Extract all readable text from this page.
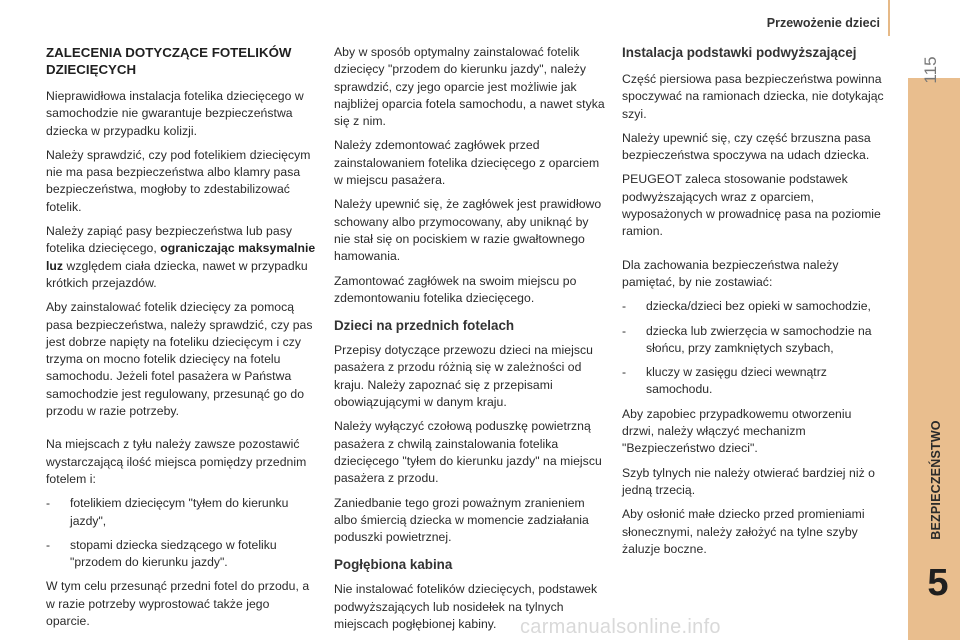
Przewożenie dzieci
115
BEZPIECZEŃSTWO
5
ZALECENIA DOTYCZĄCE FOTELIKÓW DZIECIĘCYCH

Nieprawidłowa instalacja fotelika dziecięcego w samochodzie nie gwarantuje bezpieczeństwa dziecka w przypadku kolizji.

Należy sprawdzić, czy pod fotelikiem dziecięcym nie ma pasa bezpieczeństwa albo klamry pasa bezpieczeństwa, mogłoby to zdestabilizować fotelik.

Należy zapiąć pasy bezpieczeństwa lub pasy fotelika dziecięcego, ograniczając maksymalnie luz względem ciała dziecka, nawet w przypadku krótkich przejazdów.

Aby zainstalować fotelik dziecięcy za pomocą pasa bezpieczeństwa, należy sprawdzić, czy pas jest dobrze napięty na foteliku dziecięcym i czy trzyma on mocno fotelik dziecięcy na fotelu samochodu. Jeżeli fotel pasażera w Państwa samochodzie jest regulowany, przesunąć go do przodu w razie potrzeby.

Na miejscach z tyłu należy zawsze pozostawić wystarczającą ilość miejsca pomiędzy przednim fotelem i:

- fotelikiem dziecięcym "tyłem do kierunku jazdy",
- stopami dziecka siedzącego w foteliku "przodem do kierunku jazdy".

W tym celu przesunąć przedni fotel do przodu, a w razie potrzeby wyprostować także jego oparcie.

Aby w sposób optymalny zainstalować fotelik dziecięcy "przodem do kierunku jazdy", należy sprawdzić, czy jego oparcie jest możliwie jak najbliżej oparcia fotela samochodu, a nawet styka się z nim.

Należy zdemontować zagłówek przed zainstalowaniem fotelika dziecięcego z oparciem w miejscu pasażera.

Należy upewnić się, że zagłówek jest prawidłowo schowany albo przymocowany, aby uniknąć by nie stał się on pociskiem w razie gwałtownego hamowania.

Zamontować zagłówek na swoim miejscu po zdemontowaniu fotelika dziecięcego.

Dzieci na przednich fotelach

Przepisy dotyczące przewozu dzieci na miejscu pasażera z przodu różnią się w zależności od kraju. Należy zapoznać się z przepisami obowiązującymi w danym kraju.

Należy wyłączyć czołową poduszkę powietrzną pasażera z chwilą zainstalowania fotelika dziecięcego "tyłem do kierunku jazdy" na miejscu pasażera z przodu.

Zaniedbanie tego grozi poważnym zranieniem albo śmiercią dziecka w momencie zadziałania poduszki powietrznej.

Pogłębiona kabina

Nie instalować fotelików dziecięcych, podstawek podwyższających lub nosidełek na tylnych miejscach pogłębionej kabiny.

Instalacja podstawki podwyższającej

Część piersiowa pasa bezpieczeństwa powinna spoczywać na ramionach dziecka, nie dotykając szyi.

Należy upewnić się, czy część brzuszna pasa bezpieczeństwa spoczywa na udach dziecka.

PEUGEOT zaleca stosowanie podstawek podwyższających wraz z oparciem, wyposażonych w prowadnicę pasa na poziomie ramion.

Dla zachowania bezpieczeństwa należy pamiętać, by nie zostawiać:

- dziecka/dzieci bez opieki w samochodzie,
- dziecka lub zwierzęcia w samochodzie na słońcu, przy zamkniętych szybach,
- kluczy w zasięgu dzieci wewnątrz samochodu.

Aby zapobiec przypadkowemu otworzeniu drzwi, należy włączyć mechanizm "Bezpieczeństwo dzieci".

Szyb tylnych nie należy otwierać bardziej niż o jedną trzecią.

Aby osłonić małe dziecko przed promieniami słonecznymi, należy założyć na tylne szyby żaluzje boczne.

carmanualsonline.info
